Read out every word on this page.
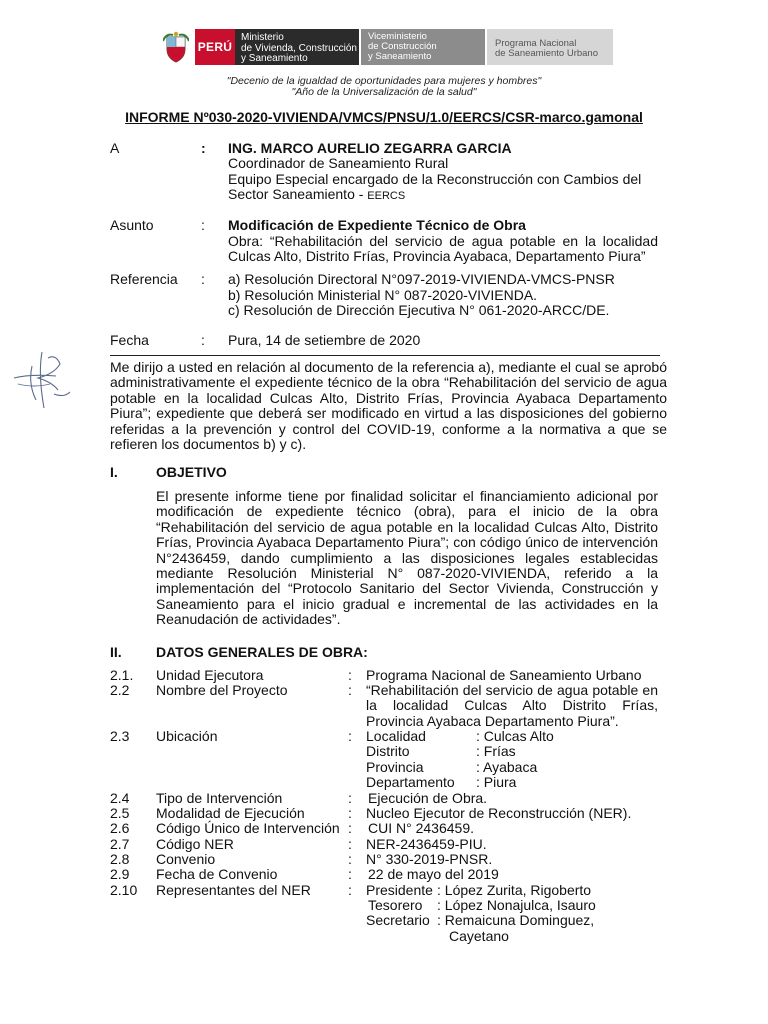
PERÚ
Ministerio
de Vivienda, Construcción
y Saneamiento
Viceministerio
de Construcción
y Saneamiento
Programa Nacional
de Saneamiento Urbano
"Decenio de la igualdad de oportunidades para mujeres y hombres"
"Año de la Universalización de la salud"
INFORME Nº030-2020-VIVIENDA/VMCS/PNSU/1.0/EERCS/CSR-marco.gamonal
A	: ING. MARCO AURELIO ZEGARRA GARCIA
Coordinador de Saneamiento Rural
Equipo Especial encargado de la Reconstrucción con Cambios del
Sector Saneamiento - EERCS
Asunto	: Modificación de Expediente Técnico de Obra
Obra: “Rehabilitación del servicio de agua potable en la localidad
Culcas Alto, Distrito Frías, Provincia Ayabaca, Departamento Piura”
Referencia : a) Resolución Directoral N°097-2019-VIVIENDA-VMCS-PNSR
b) Resolución Ministerial N° 087-2020-VIVIENDA.
c) Resolución de Dirección Ejecutiva N° 061-2020-ARCC/DE.
Fecha	: Pura, 14 de setiembre de 2020
Me dirijo a usted en relación al documento de la referencia a), mediante el cual se aprobó administrativamente el expediente técnico de la obra “Rehabilitación del servicio de agua potable en la localidad Culcas Alto, Distrito Frías, Provincia Ayabaca Departamento Piura”; expediente que deberá ser modificado en virtud a las disposiciones del gobierno referidas a la prevención y control del COVID-19, conforme a la normativa a que se refieren los documentos b) y c).
I.	OBJETIVO
El presente informe tiene por finalidad solicitar el financiamiento adicional por modificación de expediente técnico (obra), para el inicio de la obra “Rehabilitación del servicio de agua potable en la localidad Culcas Alto, Distrito Frías, Provincia Ayabaca Departamento Piura”; con código único de intervención N°2436459, dando cumplimiento a las disposiciones legales establecidas mediante Resolución Ministerial N° 087-2020-VIVIENDA, referido a la implementación del “Protocolo Sanitario del Sector Vivienda, Construcción y Saneamiento para el inicio gradual e incremental de las actividades en la Reanudación de actividades”.
II. DATOS GENERALES DE OBRA:
2.1. Unidad Ejecutora	: Programa Nacional de Saneamiento Urbano
2.2 Nombre del Proyecto	: “Rehabilitación del servicio de agua potable en la localidad Culcas Alto Distrito Frías, Provincia Ayabaca Departamento Piura”.
2.3 Ubicación	: Localidad	: Culcas Alto
Distrito	: Frías
Provincia	: Ayabaca
Departamento : Piura
2.4 Tipo de Intervención	: Ejecución de Obra.
2.5 Modalidad de Ejecución	: Nucleo Ejecutor de Reconstrucción (NER).
2.6 Código Único de Intervención : CUI N° 2436459.
2.7 Código NER	: NER-2436459-PIU.
2.8 Convenio	: N° 330-2019-PNSR.
2.9 Fecha de Convenio	: 22 de mayo del 2019
2.10 Representantes del NER	: Presidente : López Zurita, Rigoberto
Tesorero : López Nonajulca, Isauro
Secretario : Remaicuna Dominguez,
Cayetano
